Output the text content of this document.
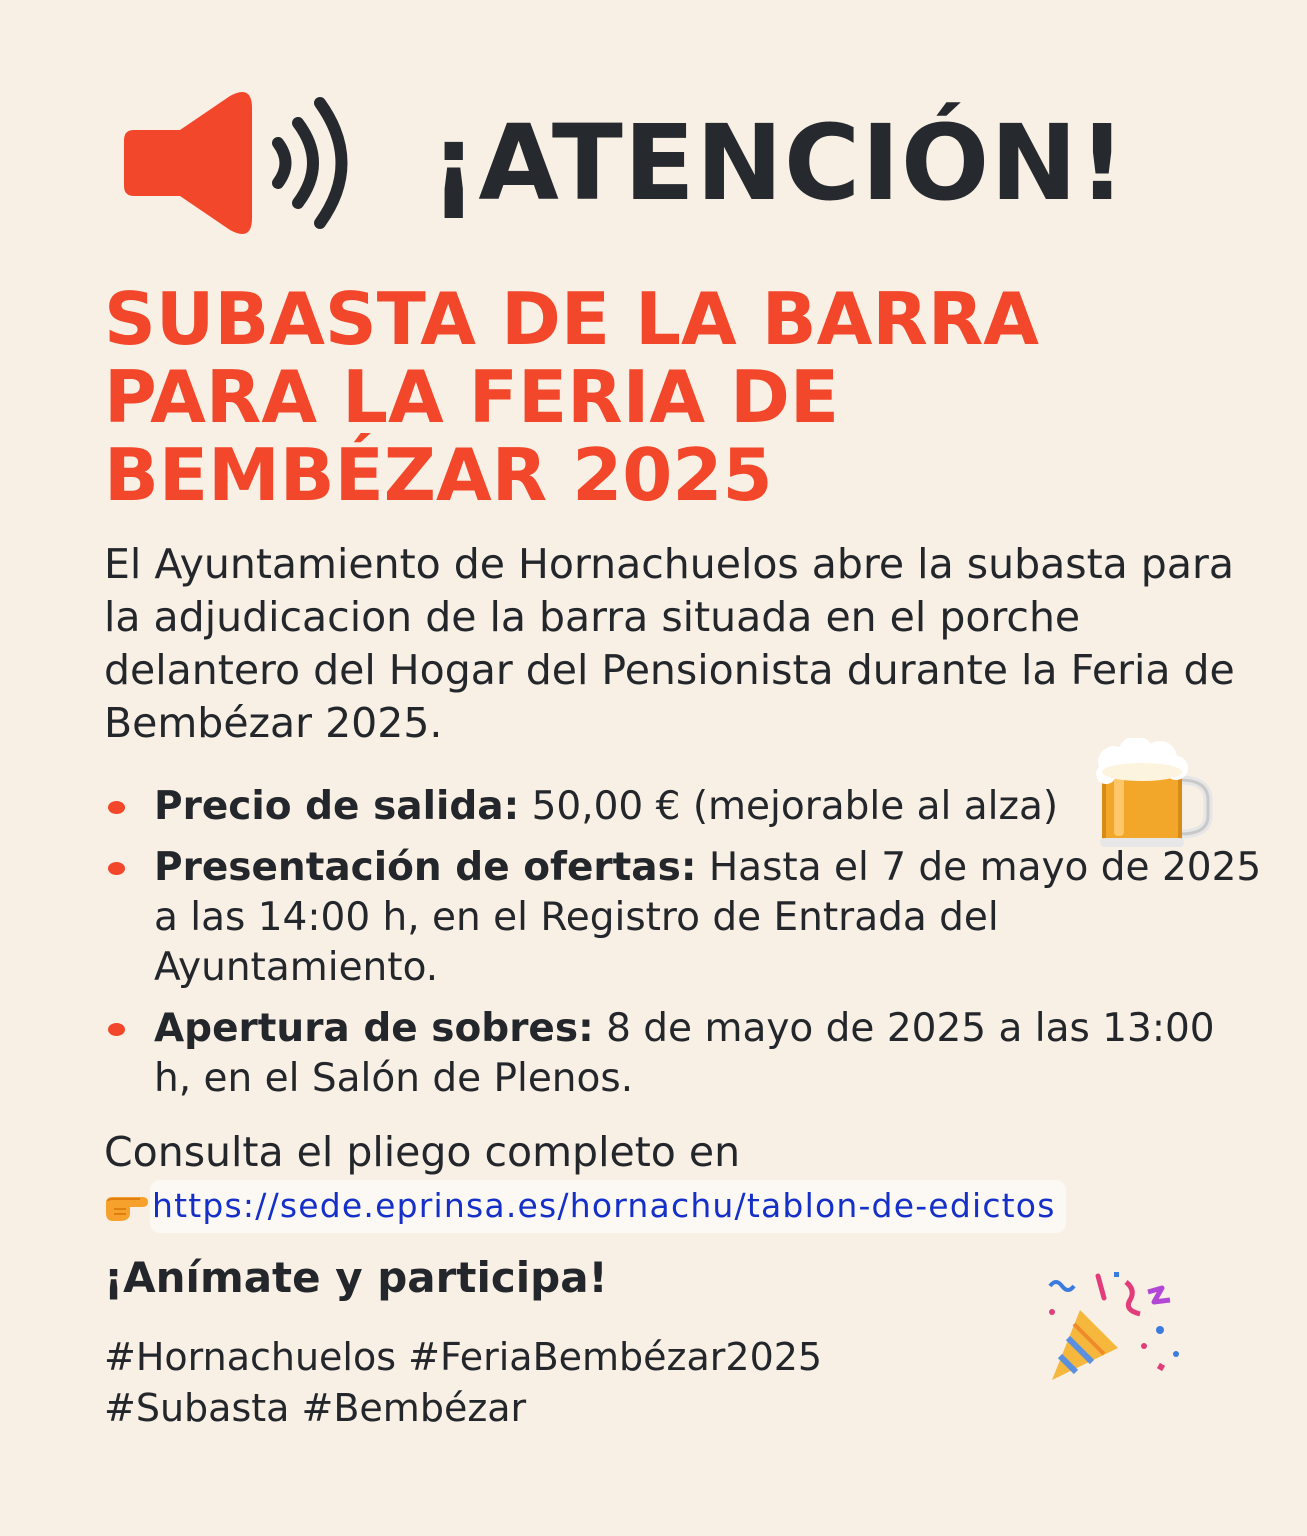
¡ATENCIÓN!
SUBASTA DE LA BARRA
PARA LA FERIA DE
BEMBÉZAR 2025

El Ayuntamiento de Hornachuelos abre la subasta para la adjudicacion de la barra situada en el porche delantero del Hogar del Pensionista durante la Feria de Bembézar 2025.

Precio de salida: 50,00 € (mejorable al alza)
Presentación de ofertas: Hasta el 7 de mayo de 2025 a las 14:00 h, en el Registro de Entrada del Ayuntamiento.
Apertura de sobres: 8 de mayo de 2025 a las 13:00 h, en el Salón de Plenos.

Consulta el pliego completo en

https://sede.eprinsa.es/hornachu/tablon-de-edictos

¡Anímate y participa!

#Hornachuelos #FeriaBembézar2025
#Subasta #Bembézar
